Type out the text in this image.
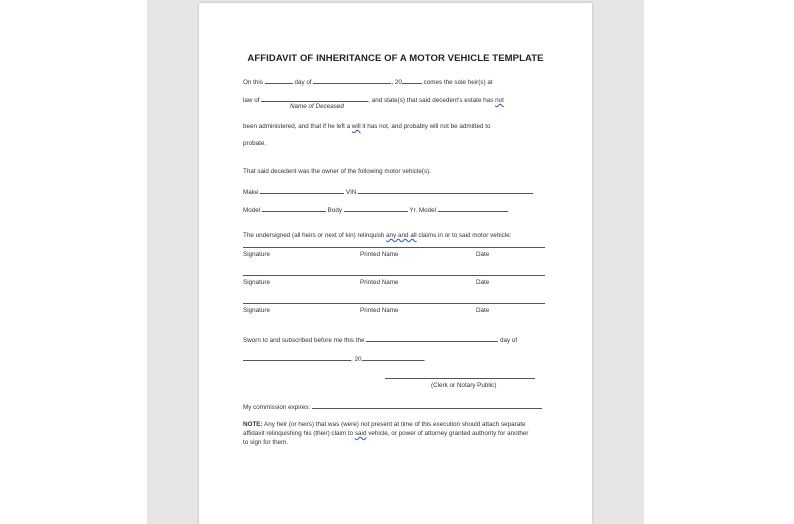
AFFIDAVIT OF INHERITANCE OF A MOTOR VEHICLE TEMPLATE
On this	day of	, 20	comes the sole heir(s) at
law of	, and state(s) that said decedent's estate has not
Name of Deceased
been administered, and that if he left a will it has not, and probably will not be admitted to
probate.
That said decedent was the owner of the following motor vehicle(s).
Make	VIN
Model	Body	Yr. Model
The undersigned (all heirs or next of kin) relinquish any and all claims in or to said motor vehicle:
Signature	Printed Name	Date
Signature	Printed Name	Date
Signature	Printed Name	Date
Sworn to and subscribed before me this the	day of
, 20	.
(Clerk or Notary Public)
My commission expires:
NOTE: Any heir (or heirs) that was (were) not present at time of this execution should attach separate
affidavit relinquishing his (their) claim to said vehicle, or power of attorney granted authority for another
to sign for them.
